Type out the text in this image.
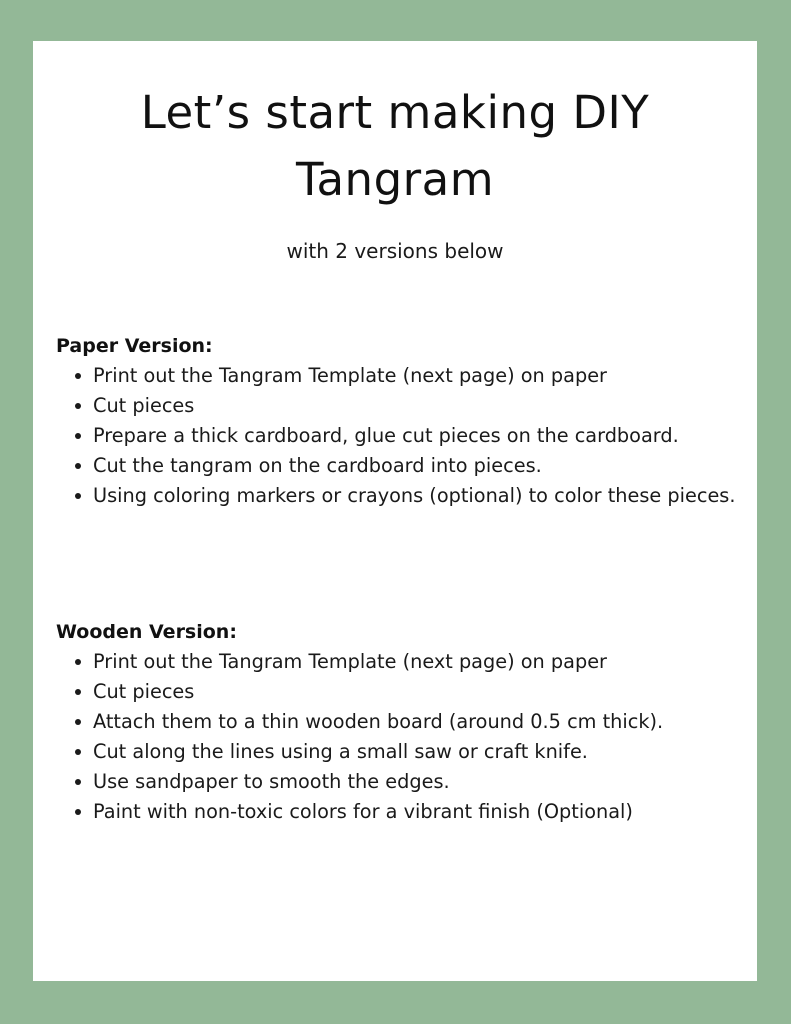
Let’s start making DIY
Tangram
with 2 versions below
Paper Version:
Print out the Tangram Template (next page) on paper
Cut pieces
Prepare a thick cardboard, glue cut pieces on the cardboard.
Cut the tangram on the cardboard into pieces.
Using coloring markers or crayons (optional) to color these pieces.
Wooden Version:
Print out the Tangram Template (next page) on paper
Cut pieces
Attach them to a thin wooden board (around 0.5 cm thick).
Cut along the lines using a small saw or craft knife.
Use sandpaper to smooth the edges.
Paint with non-toxic colors for a vibrant finish (Optional)
